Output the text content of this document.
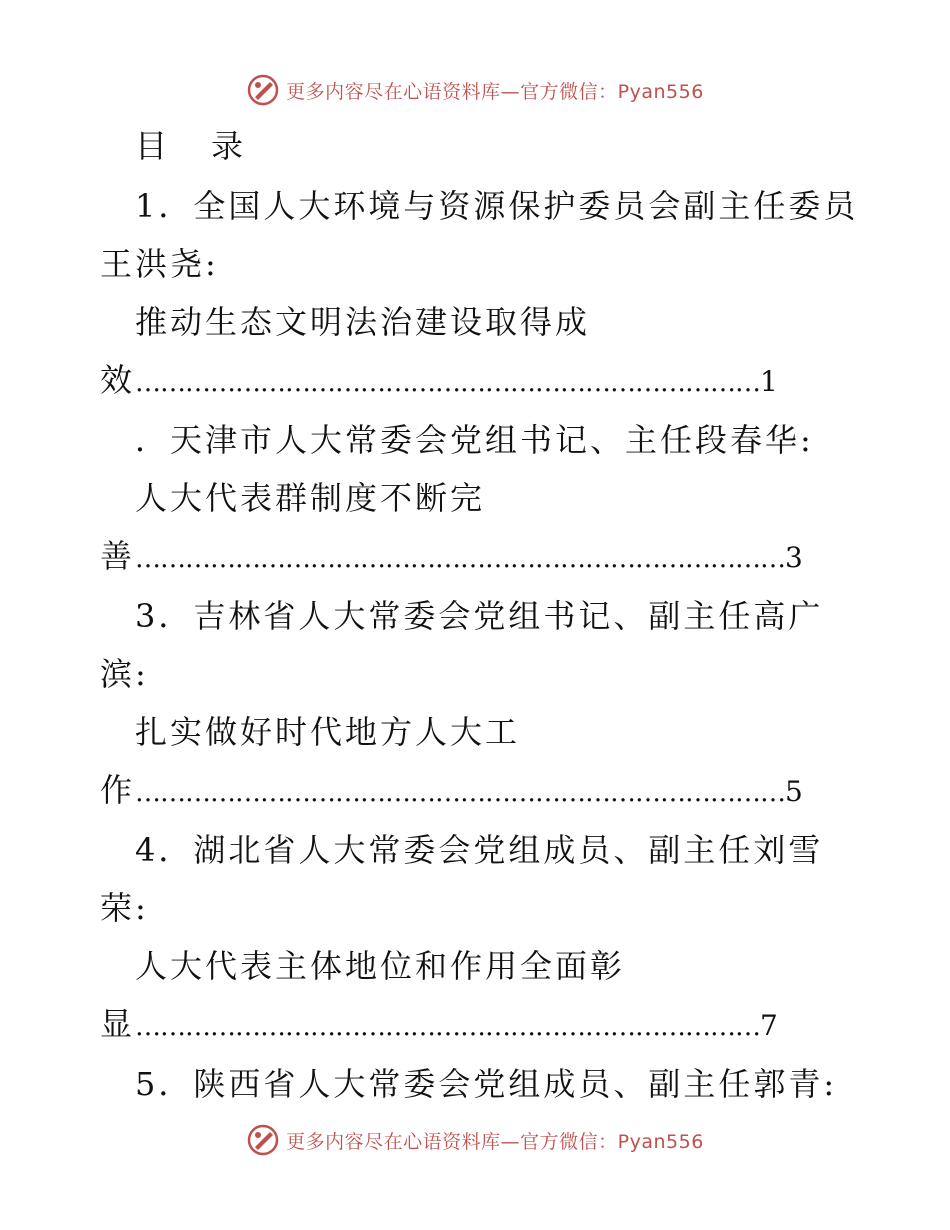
更多内容尽在心语资料库—官方微信：Pyan556
目　录
1．全国人大环境与资源保护委员会副主任委员
王洪尧:
推动生态文明法治建设取得成
效…………………………………………………………………1
．天津市人大常委会党组书记、主任段春华:
人大代表群制度不断完
善……………………………………………………………………3
3．吉林省人大常委会党组书记、副主任高广
滨:
扎实做好时代地方人大工
作……………………………………………………………………5
4．湖北省人大常委会党组成员、副主任刘雪
荣:
人大代表主体地位和作用全面彰
显…………………………………………………………………7
5．陕西省人大常委会党组成员、副主任郭青:
更多内容尽在心语资料库—官方微信：Pyan556
